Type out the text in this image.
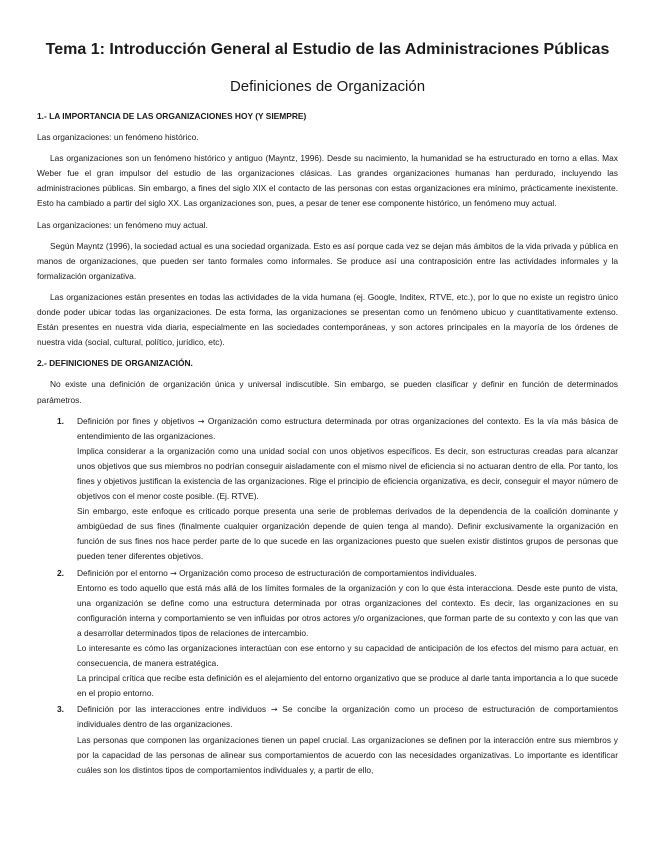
Tema 1: Introducción General al Estudio de las Administraciones Públicas
Definiciones de Organización

1.- LA IMPORTANCIA DE LAS ORGANIZACIONES HOY (Y SIEMPRE)

Las organizaciones: un fenómeno histórico.

Las organizaciones son un fenómeno histórico y antiguo (Mayntz, 1996). Desde su nacimiento, la humanidad se ha estructurado en torno a ellas. Max Weber fue el gran impulsor del estudio de las organizaciones clásicas. Las grandes organizaciones humanas han perdurado, incluyendo las administraciones públicas. Sin embargo, a fines del siglo XIX el contacto de las personas con estas organizaciones era mínimo, prácticamente inexistente. Esto ha cambiado a partir del siglo XX. Las organizaciones son, pues, a pesar de tener ese componente histórico, un fenómeno muy actual.

Las organizaciones: un fenómeno muy actual.

Según Mayntz (1996), la sociedad actual es una sociedad organizada. Esto es así porque cada vez se dejan más ámbitos de la vida privada y pública en manos de organizaciones, que pueden ser tanto formales como informales. Se produce así una contraposición entre las actividades informales y la formalización organizativa.

Las organizaciones están presentes en todas las actividades de la vida humana (ej. Google, Inditex, RTVE, etc.), por lo que no existe un registro único donde poder ubicar todas las organizaciones. De esta forma, las organizaciones se presentan como un fenómeno ubicuo y cuantitativamente extenso. Están presentes en nuestra vida diaria, especialmente en las sociedades contemporáneas, y son actores principales en la mayoría de los órdenes de nuestra vida (social, cultural, político, jurídico, etc).

2.- DEFINICIONES DE ORGANIZACIÓN.

No existe una definición de organización única y universal indiscutible. Sin embargo, se pueden clasificar y definir en función de determinados parámetros.

1. Definición por fines y objetivos → Organización como estructura determinada por otras organizaciones del contexto. Es la vía más básica de entendimiento de las organizaciones.

Implica considerar a la organización como una unidad social con unos objetivos específicos. Es decir, son estructuras creadas para alcanzar unos objetivos que sus miembros no podrían conseguir aisladamente con el mismo nivel de eficiencia si no actuaran dentro de ella. Por tanto, los fines y objetivos justifican la existencia de las organizaciones. Rige el principio de eficiencia organizativa, es decir, conseguir el mayor número de objetivos con el menor coste posible. (Ej. RTVE).

Sin embargo, este enfoque es criticado porque presenta una serie de problemas derivados de la dependencia de la coalición dominante y ambigüedad de sus fines (finalmente cualquier organización depende de quien tenga al mando). Definir exclusivamente la organización en función de sus fines nos hace perder parte de lo que sucede en las organizaciones puesto que suelen existir distintos grupos de personas que pueden tener diferentes objetivos.

2. Definición por el entorno → Organización como proceso de estructuración de comportamientos individuales.

Entorno es todo aquello que está más allá de los límites formales de la organización y con lo que ésta interacciona. Desde este punto de vista, una organización se define como una estructura determinada por otras organizaciones del contexto. Es decir, las organizaciones en su configuración interna y comportamiento se ven influidas por otros actores y/o organizaciones, que forman parte de su contexto y con las que van a desarrollar determinados tipos de relaciones de intercambio.

Lo interesante es cómo las organizaciones interactúan con ese entorno y su capacidad de anticipación de los efectos del mismo para actuar, en consecuencia, de manera estratégica.

La principal crítica que recibe esta definición es el alejamiento del entorno organizativo que se produce al darle tanta importancia a lo que sucede en el propio entorno.

3. Definición por las interacciones entre individuos → Se concibe la organización como un proceso de estructuración de comportamientos individuales dentro de las organizaciones.

Las personas que componen las organizaciones tienen un papel crucial. Las organizaciones se definen por la interacción entre sus miembros y por la capacidad de las personas de alinear sus comportamientos de acuerdo con las necesidades organizativas. Lo importante es identificar cuáles son los distintos tipos de comportamientos individuales y, a partir de ello,
